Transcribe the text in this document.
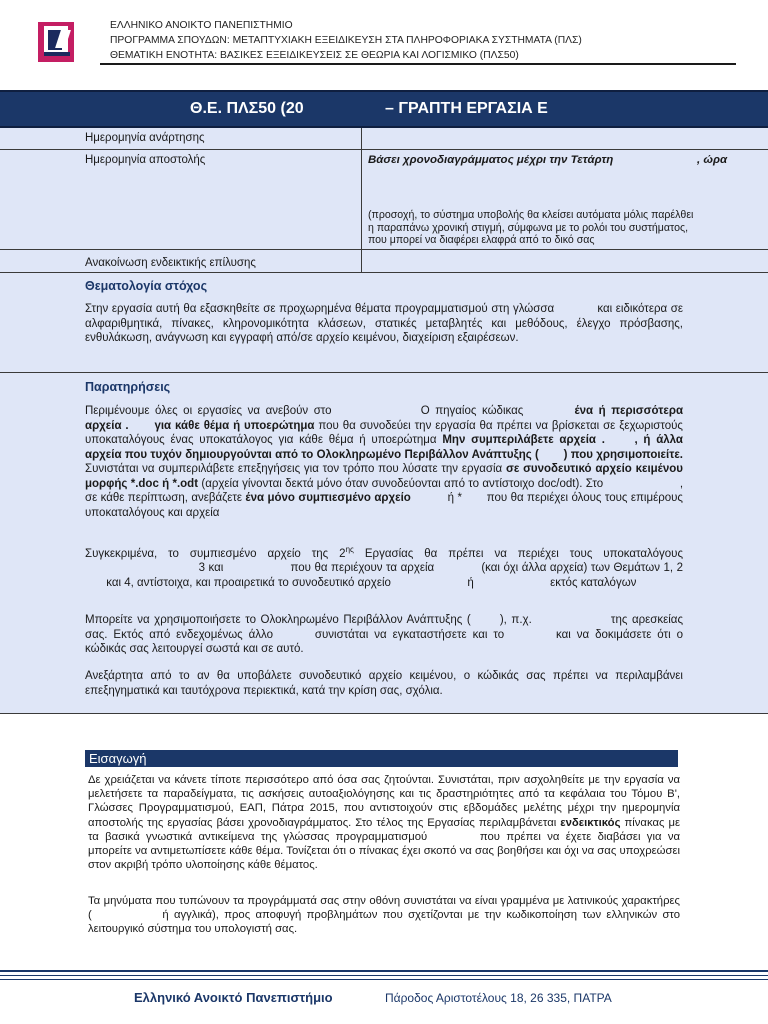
ΕΛΛΗΝΙΚΟ ΑΝΟΙΚΤΟ ΠΑΝΕΠΙΣΤΗΜΙΟ
ΠΡΟΓΡΑΜΜΑ ΣΠΟΥΔΩΝ: ΜΕΤΑΠΤΥΧΙΑΚΗ ΕΞΕΙΔΙΚΕΥΣΗ ΣΤΑ ΠΛΗΡΟΦΟΡΙΑΚΑ ΣΥΣΤΗΜΑΤΑ (ΠΛΣ)
ΘΕΜΑΤΙΚΗ ΕΝΟΤΗΤΑ: ΒΑΣΙΚΕΣ ΕΞΕΙΔΙΚΕΥΣΕΙΣ ΣΕ ΘΕΩΡΙΑ ΚΑΙ ΛΟΓΙΣΜΙΚΟ (ΠΛΣ50)
Θ.Ε. ΠΛΣ50 (20	– ΓΡΑΠΤΗ ΕΡΓΑΣΙΑ Ε
Ημερομηνία ανάρτησης
Ημερομηνία αποστολής	Βάσει χρονοδιαγράμματος μέχρι την Τετάρτη	, ώρα
(προσοχή, το σύστημα υποβολής θα κλείσει αυτόματα μόλις παρέλθει
η παραπάνω χρονική στιγμή, σύμφωνα με το ρολόι του συστήματος,
που μπορεί να διαφέρει ελαφρά από το δικό σας
Ανακοίνωση ενδεικτικής επίλυσης
Θεματολογία στόχος
Στην εργασία αυτή θα εξασκηθείτε σε προχωρημένα θέματα προγραμματισμού στη γλώσσα	και ειδικότερα σε αλφαριθμητικά, πίνακες, κληρονομικότητα κλάσεων, στατικές μεταβλητές και μεθόδους, έλεγχο πρόσβασης, ενθυλάκωση, ανάγνωση και εγγραφή από/σε αρχείο κειμένου, διαχείριση εξαιρέσεων.
Παρατηρήσεις
Περιμένουμε όλες οι εργασίες να ανεβούν στο	Ο πηγαίος κώδικας	ένα ή περισσότερα αρχεία . για κάθε θέμα ή υποερώτημα που θα συνοδεύει την εργασία θα πρέπει να βρίσκεται σε ξεχωριστούς υποκαταλόγους ένας υποκατάλογος για κάθε θέμα ή υποερώτημα Μην συμπεριλάβετε αρχεία .	, ή άλλα αρχεία που τυχόν δημιουργούνται από το Ολοκληρωμένο Περιβάλλον Ανάπτυξης ( ) που χρησιμοποιείτε. Συνιστάται να συμπεριλάβετε επεξηγήσεις για τον τρόπο που λύσατε την εργασία σε συνοδευτικό αρχείο κειμένου μορφής *.doc ή *.odt (αρχεία γίνονται δεκτά μόνο όταν συνοδεύονται από το αντίστοιχο doc/odt). Στο	, σε κάθε περίπτωση, ανεβάζετε ένα μόνο συμπιεσμένο αρχείο	ή * που θα περιέχει όλους τους επιμέρους υποκαταλόγους και αρχεία
Συγκεκριμένα, το συμπιεσμένο αρχείο της $2^{\eta\varsigma}$ Εργασίας θα πρέπει να περιέχει τους υποκαταλόγους  3 και	που θα περιέχουν τα αρχεία	(και όχι άλλα αρχεία) των Θεμάτων 1, 2  και 4, αντίστοιχα, και προαιρετικά το συνοδευτικό αρχείο	ή	εκτός καταλόγων
Μπορείτε να χρησιμοποιήσετε το Ολοκληρωμένο Περιβάλλον Ανάπτυξης (	), π.χ.	της αρεσκείας σας. Εκτός από ενδεχομένως άλλο	συνιστάται να εγκαταστήσετε και το	και να δοκιμάσετε ότι ο κώδικάς σας λειτουργεί σωστά και σε αυτό.
Ανεξάρτητα από το αν θα υποβάλετε συνοδευτικό αρχείο κειμένου, ο κώδικάς σας πρέπει να περιλαμβάνει επεξηγηματικά και ταυτόχρονα περιεκτικά, κατά την κρίση σας, σχόλια.
Εισαγωγή
Δε χρειάζεται να κάνετε τίποτε περισσότερο από όσα σας ζητούνται. Συνιστάται, πριν ασχοληθείτε με την εργασία να μελετήσετε τα παραδείγματα, τις ασκήσεις αυτοαξιολόγησης και τις δραστηριότητες από τα κεφάλαια του Τόμου Β', Γλώσσες Προγραμματισμού, ΕΑΠ, Πάτρα 2015, που αντιστοιχούν στις εβδομάδες μελέτης μέχρι την ημερομηνία αποστολής της εργασίας βάσει χρονοδιαγράμματος. Στο τέλος της Εργασίας περιλαμβάνεται ενδεικτικός πίνακας με τα βασικά γνωστικά αντικείμενα της γλώσσας προγραμματισμού	που πρέπει να έχετε διαβάσει για να μπορείτε να αντιμετωπίσετε κάθε θέμα. Τονίζεται ότι ο πίνακας έχει σκοπό να σας βοηθήσει και όχι να σας υποχρεώσει στον ακριβή τρόπο υλοποίησης κάθε θέματος.
Τα μηνύματα που τυπώνουν τα προγράμματά σας στην οθόνη συνιστάται να είναι γραμμένα με λατινικούς χαρακτήρες (	ή αγγλικά), προς αποφυγή προβλημάτων που σχετίζονται με την κωδικοποίηση των ελληνικών στο λειτουργικό σύστημα του υπολογιστή σας.
Ελληνικό Ανοικτό Πανεπιστήμιο	Πάροδος Αριστοτέλους 18, 26 335, ΠΑΤΡΑ
